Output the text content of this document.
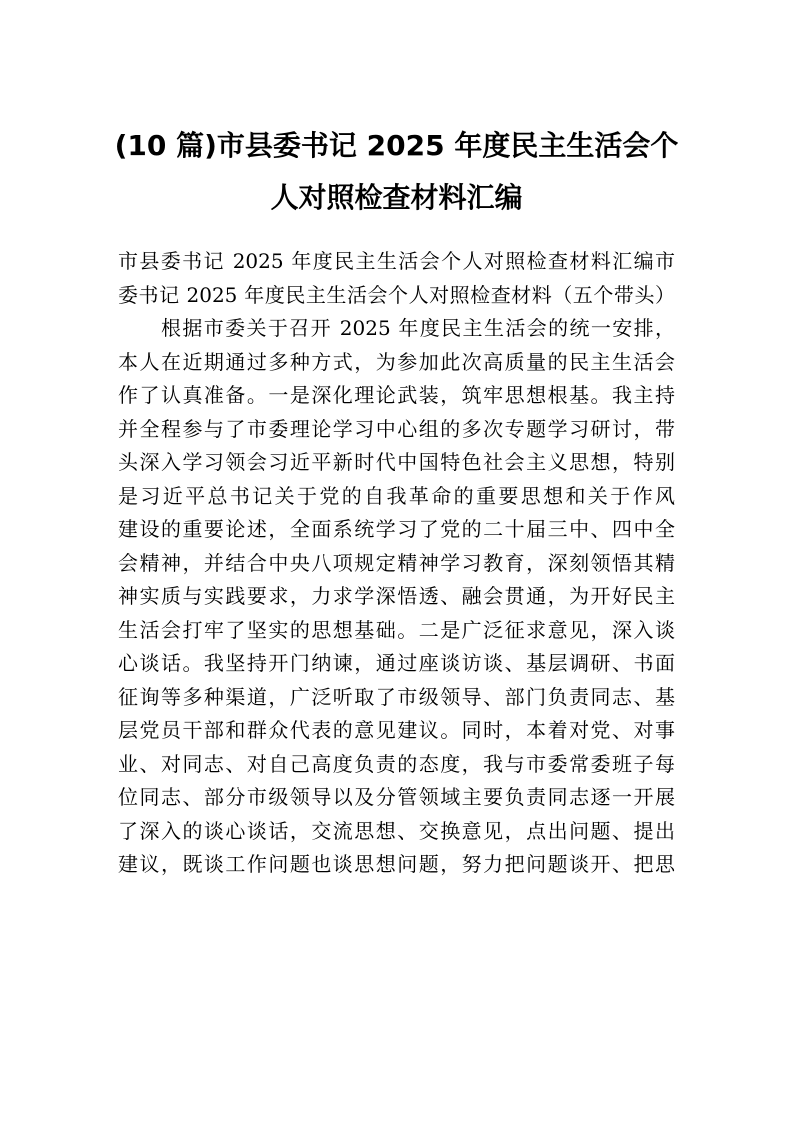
(10 篇)市县委书记 2025 年度民主生活会个
人对照检查材料汇编
市县委书记 2025 年度民主生活会个人对照检查材料汇编市
委书记 2025 年度民主生活会个人对照检查材料（五个带头）
根据市委关于召开 2025 年度民主生活会的统一安排，
本人在近期通过多种方式，为参加此次高质量的民主生活会
作了认真准备。一是深化理论武装，筑牢思想根基。我主持
并全程参与了市委理论学习中心组的多次专题学习研讨，带
头深入学习领会习近平新时代中国特色社会主义思想，特别
是习近平总书记关于党的自我革命的重要思想和关于作风
建设的重要论述，全面系统学习了党的二十届三中、四中全
会精神，并结合中央八项规定精神学习教育，深刻领悟其精
神实质与实践要求，力求学深悟透、融会贯通，为开好民主
生活会打牢了坚实的思想基础。二是广泛征求意见，深入谈
心谈话。我坚持开门纳谏，通过座谈访谈、基层调研、书面
征询等多种渠道，广泛听取了市级领导、部门负责同志、基
层党员干部和群众代表的意见建议。同时，本着对党、对事
业、对同志、对自己高度负责的态度，我与市委常委班子每
位同志、部分市级领导以及分管领域主要负责同志逐一开展
了深入的谈心谈话，交流思想、交换意见，点出问题、提出
建议，既谈工作问题也谈思想问题，努力把问题谈开、把思
